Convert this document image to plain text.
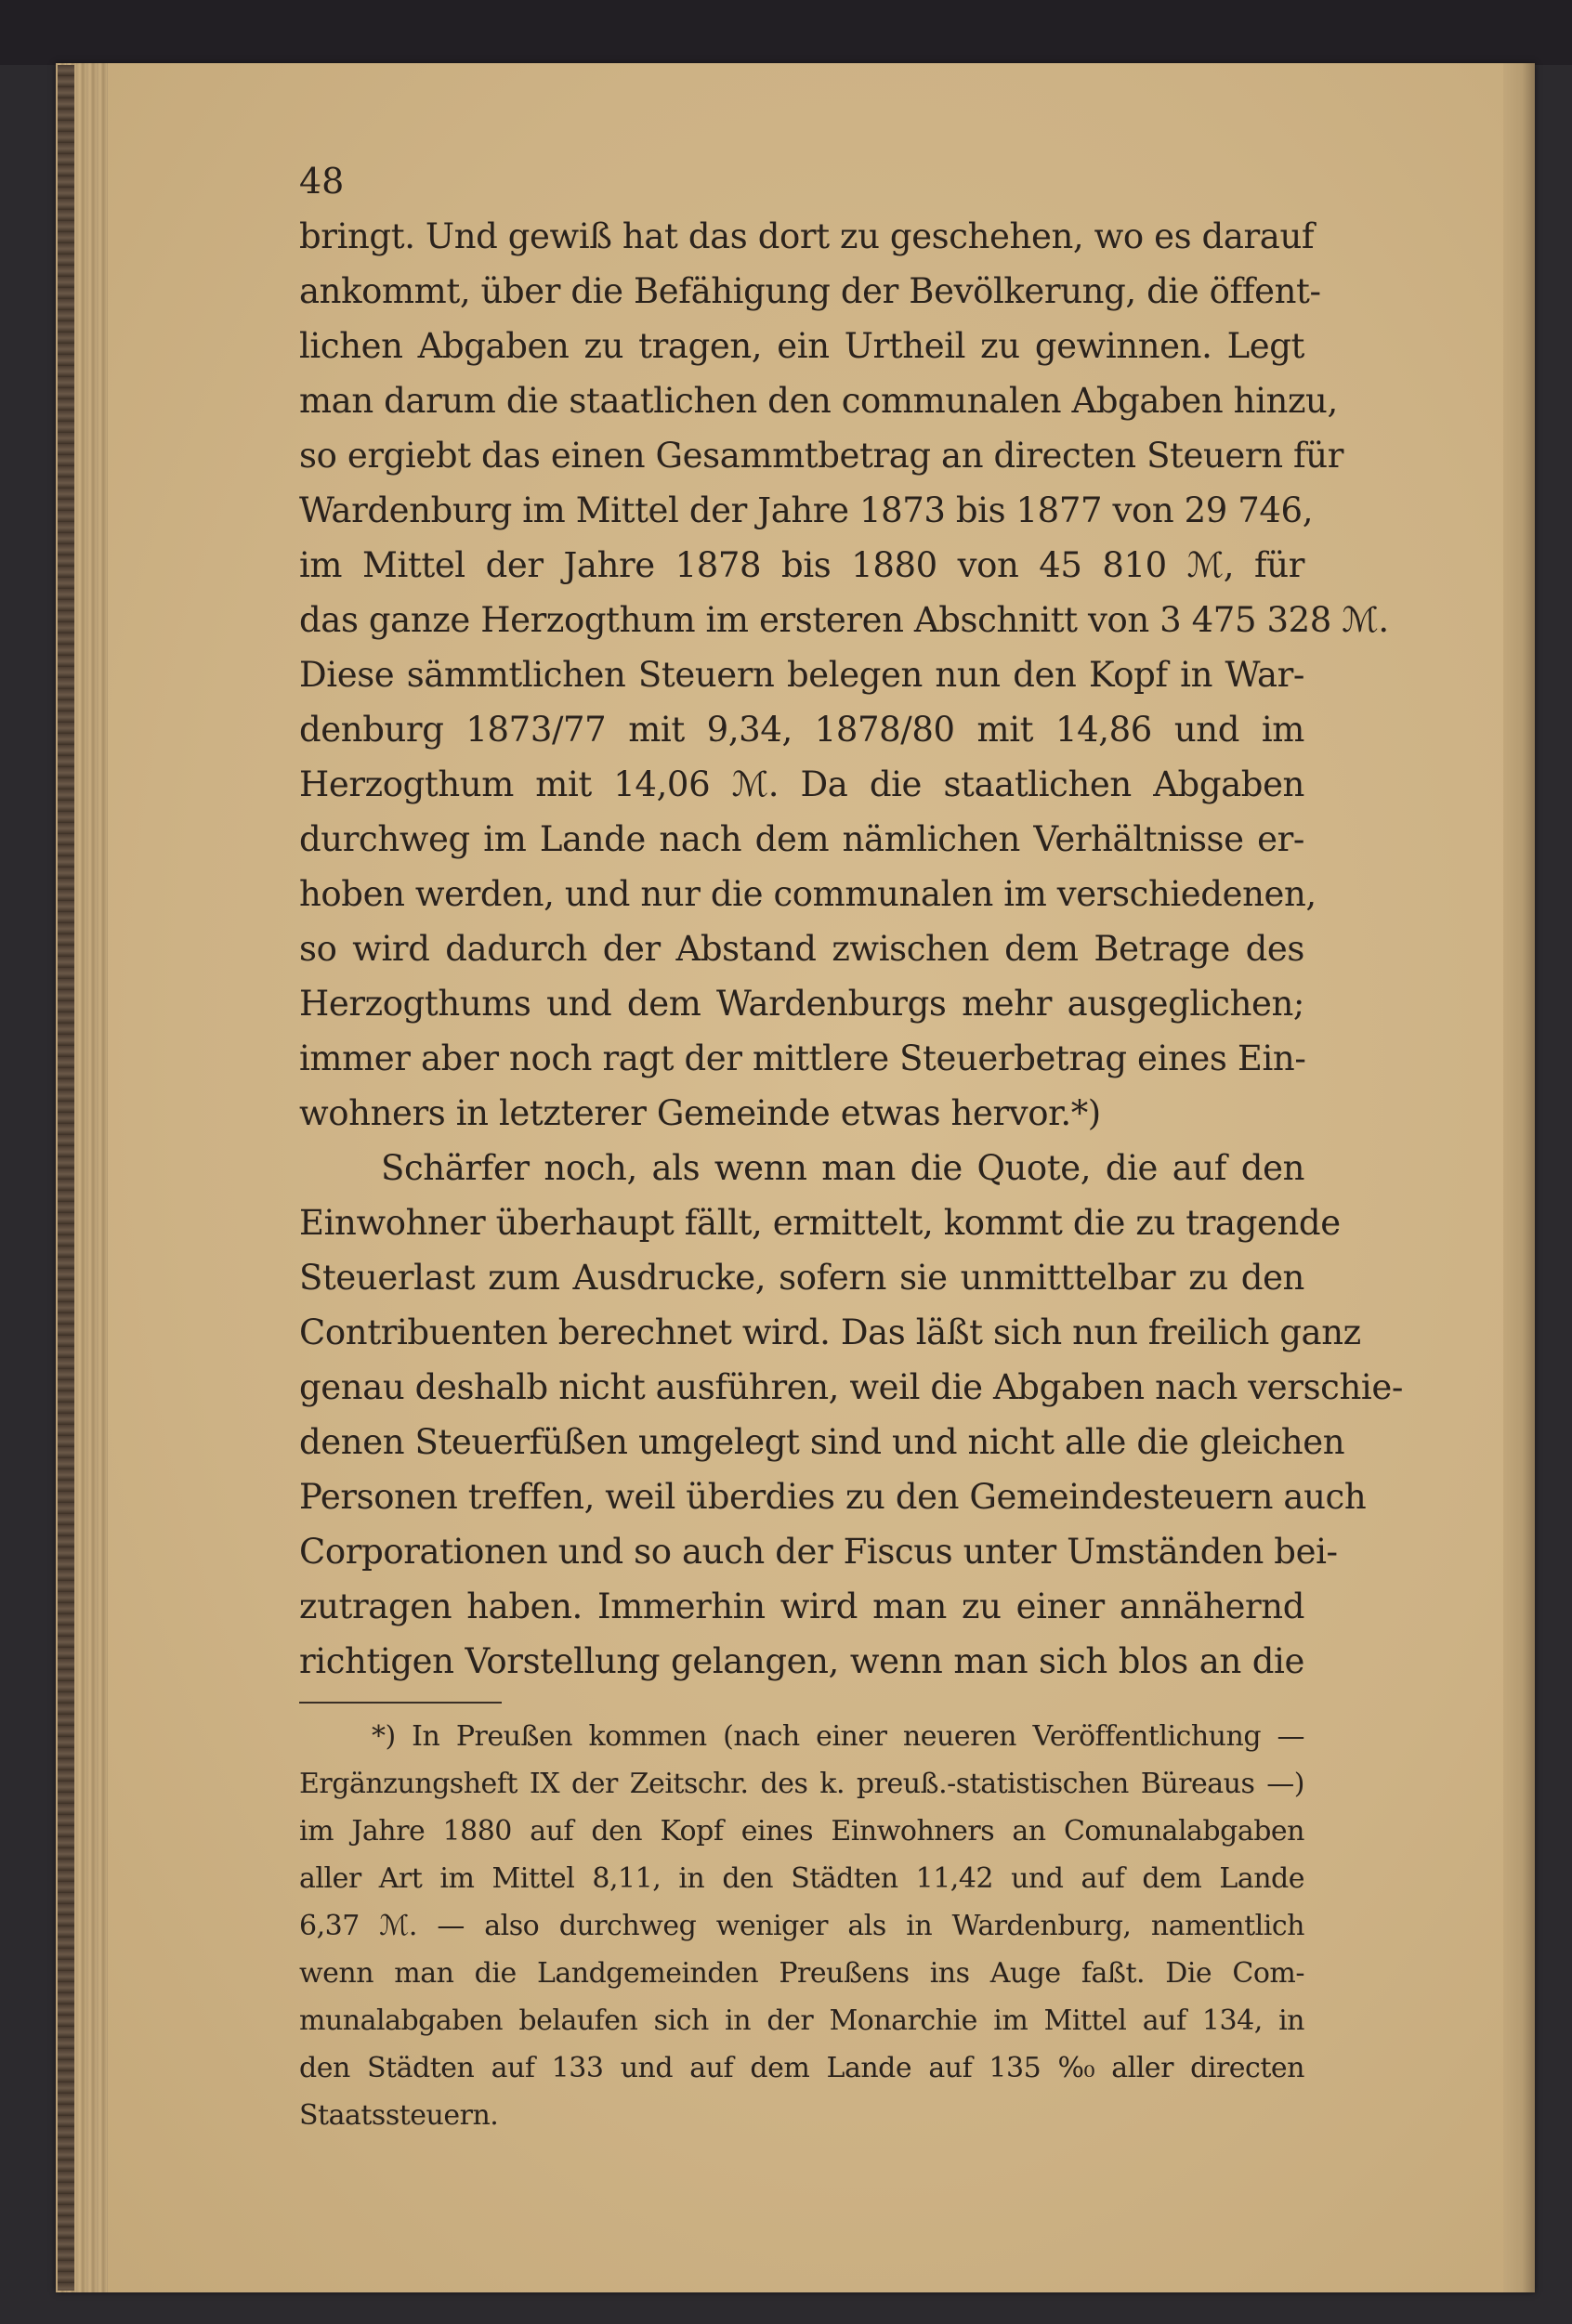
48
bringt. Und gewiß hat das dort zu geschehen, wo es darauf
ankommt, über die Befähigung der Bevölkerung, die öffent-
lichen Abgaben zu tragen, ein Urtheil zu gewinnen. Legt
man darum die staatlichen den communalen Abgaben hinzu,
so ergiebt das einen Gesammtbetrag an directen Steuern für
Wardenburg im Mittel der Jahre 1873 bis 1877 von 29 746,
im Mittel der Jahre 1878 bis 1880 von 45 810 ℳ, für
das ganze Herzogthum im ersteren Abschnitt von 3 475 328 ℳ.
Diese sämmtlichen Steuern belegen nun den Kopf in War-
denburg 1873/77 mit 9,34, 1878/80 mit 14,86 und im
Herzogthum mit 14,06 ℳ. Da die staatlichen Abgaben
durchweg im Lande nach dem nämlichen Verhältnisse er-
hoben werden, und nur die communalen im verschiedenen,
so wird dadurch der Abstand zwischen dem Betrage des
Herzogthums und dem Wardenburgs mehr ausgeglichen;
immer aber noch ragt der mittlere Steuerbetrag eines Ein-
wohners in letzterer Gemeinde etwas hervor.*)
Schärfer noch, als wenn man die Quote, die auf den
Einwohner überhaupt fällt, ermittelt, kommt die zu tragende
Steuerlast zum Ausdrucke, sofern sie unmitttelbar zu den
Contribuenten berechnet wird. Das läßt sich nun freilich ganz
genau deshalb nicht ausführen, weil die Abgaben nach verschie-
denen Steuerfüßen umgelegt sind und nicht alle die gleichen
Personen treffen, weil überdies zu den Gemeindesteuern auch
Corporationen und so auch der Fiscus unter Umständen bei-
zutragen haben. Immerhin wird man zu einer annähernd
richtigen Vorstellung gelangen, wenn man sich blos an die
*) In Preußen kommen (nach einer neueren Veröffentlichung —
Ergänzungsheft IX der Zeitschr. des k. preuß.-statistischen Büreaus —)
im Jahre 1880 auf den Kopf eines Einwohners an Comunalabgaben
aller Art im Mittel 8,11, in den Städten 11,42 und auf dem Lande
6,37 ℳ. — also durchweg weniger als in Wardenburg, namentlich
wenn man die Landgemeinden Preußens ins Auge faßt. Die Com-
munalabgaben belaufen sich in der Monarchie im Mittel auf 134, in
den Städten auf 133 und auf dem Lande auf 135 %₀ aller directen
Staatssteuern.
